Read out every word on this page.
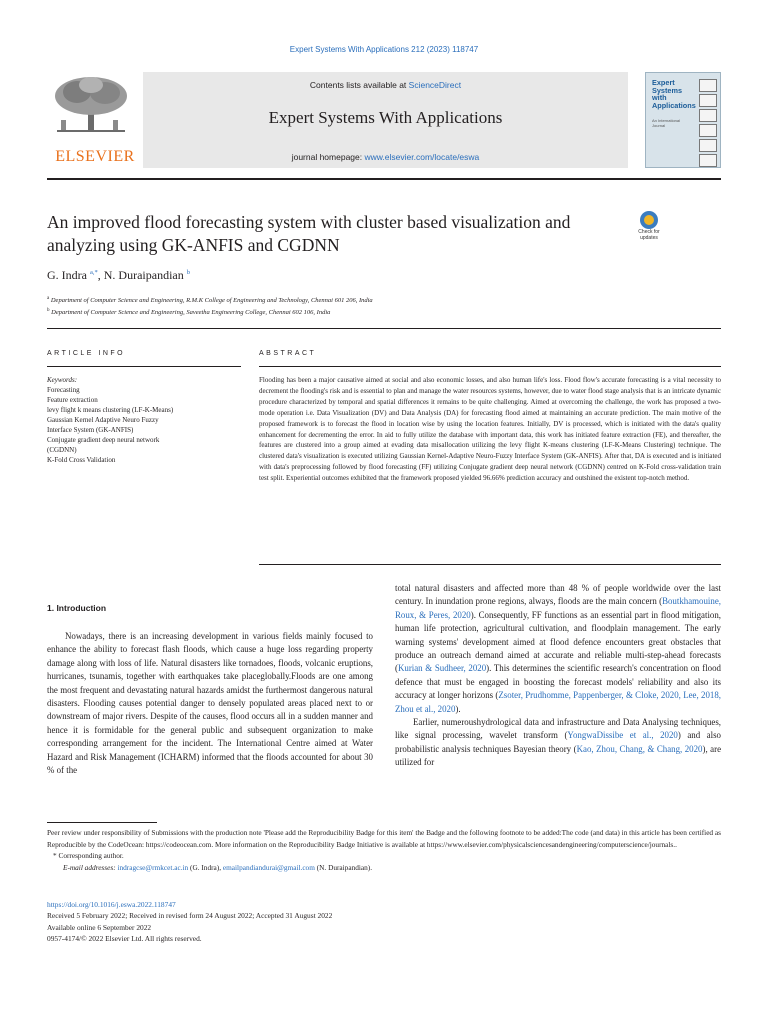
Expert Systems With Applications 212 (2023) 118747
ELSEVIER
Contents lists available at ScienceDirect
Expert Systems With Applications
journal homepage: www.elsevier.com/locate/eswa
Expert
Systems
with
Applications
An International Journal
An improved flood forecasting system with cluster based visualization and analyzing using GK-ANFIS and CGDNN
Check for
updates
G. Indra $^{a,*}$, N. Duraipandian $^b$
$^a$ Department of Computer Science and Engineering, R.M.K College of Engineering and Technology, Chennai 601 206, India
$^b$ Department of Computer Science and Engineering, Saveetha Engineering College, Chennai 602 106, India
ARTICLE INFO	ABSTRACT
Keywords:
Forecasting
Feature extraction
levy flight k means clustering (LF-K-Means)
Gaussian Kernel Adaptive Neuro Fuzzy
Interface System (GK-ANFIS)
Conjugate gradient deep neural network
(CGDNN)
K-Fold Cross Validation
Flooding has been a major causative aimed at social and also economic losses, and also human life's loss. Flood flow's accurate forecasting is a vital necessity to decrement the flooding's risk and is essential to plan and manage the water resources systems, however, due to water flood stage analysis that is an intricate dynamic procedure characterized by temporal and spatial differences it remains to be quite challenging. Aimed at overcoming the challenge, the work has proposed a two-mode operation i.e. Data Visualization (DV) and Data Analysis (DA) for forecasting flood aimed at maintaining an accurate prediction. The main motive of the proposed framework is to forecast the flood in location wise by using the location features. Initially, DV is processed, which is initiated with the data's quality enhancement for decrementing the error. In aid to fully utilize the database with important data, this work has initiated feature extraction (FE), and thereafter, the features are clustered into a group aimed at evading data misallocation utilizing the levy flight K-means clustering (LF-K-Means Clustering) technique. The clustered data's visualization is executed utilizing Gaussian Kernel-Adaptive Neuro-Fuzzy Interface System (GK-ANFIS). After that, DA is executed and is initiated with data's preprocessing followed by flood forecasting (FF) utilizing Conjugate gradient deep neural network (CGDNN) centred on K-Fold cross-validation train test split. Experiential outcomes exhibited that the framework proposed yielded 96.66% prediction accuracy and outshined the existent top-notch method.
1. Introduction

Nowadays, there is an increasing development in various fields mainly focused to enhance the ability to forecast flash floods, which cause a huge loss regarding property damage along with loss of life. Natural disasters like tornadoes, floods, volcanic eruptions, hurricanes, tsunamis, together with earthquakes take placeglobally.Floods are one among the most frequent and devastating natural hazards amidst the furthermost dangerous natural disasters. Flooding causes potential danger to densely populated areas placed next to or downstream of major rivers. Despite of the causes, flood occurs all in a sudden manner and hence it is formidable for the general public and subsequent organization to make corresponding arrangement for the incident. The International Centre aimed at Water Hazard and Risk Management (ICHARM) informed that the floods accounted for about 30 % of the

total natural disasters and affected more than 48 % of people worldwide over the last century. In inundation prone regions, always, floods are the main concern (Boutkhamouine, Roux, & Peres, 2020). Consequently, FF functions as an essential part in flood mitigation, human life protection, agricultural cultivation, and floodplain management. The early warning systems' development aimed at flood defence encounters great obstacles that produce an outreach demand aimed at accurate and reliable multi-step-ahead forecasts (Kurian & Sudheer, 2020). This determines the scientific research's concentration on flood defence that must be engaged in boosting the forecast models' reliability and also its accuracy at longer horizons (Zsoter, Prudhomme, Pappenberger, & Cloke, 2020, Lee, 2018, Zhou et al., 2020).

Earlier, numeroushydrological data and infrastructure and Data Analysing techniques, like signal processing, wavelet transform (YongwaDissibe et al., 2020) and also probabilistic analysis techniques Bayesian theory (Kao, Zhou, Chang, & Chang, 2020), are utilized for

Peer review under responsibility of Submissions with the production note 'Please add the Reproducibility Badge for this item' the Badge and the following footnote to be added:The code (and data) in this article has been certified as Reproducible by the CodeOcean: https://codeocean.com. More information on the Reproducibility Badge Initiative is available at https://www.elsevier.com/physicalsciencesandengineering/computerscience/journals..

* Corresponding author.

E-mail addresses: indragcse@rmkcet.ac.in (G. Indra), emailpandiandurai@gmail.com (N. Duraipandian).

https://doi.org/10.1016/j.eswa.2022.118747
Received 5 February 2022; Received in revised form 24 August 2022; Accepted 31 August 2022
Available online 6 September 2022
0957-4174/© 2022 Elsevier Ltd. All rights reserved.
